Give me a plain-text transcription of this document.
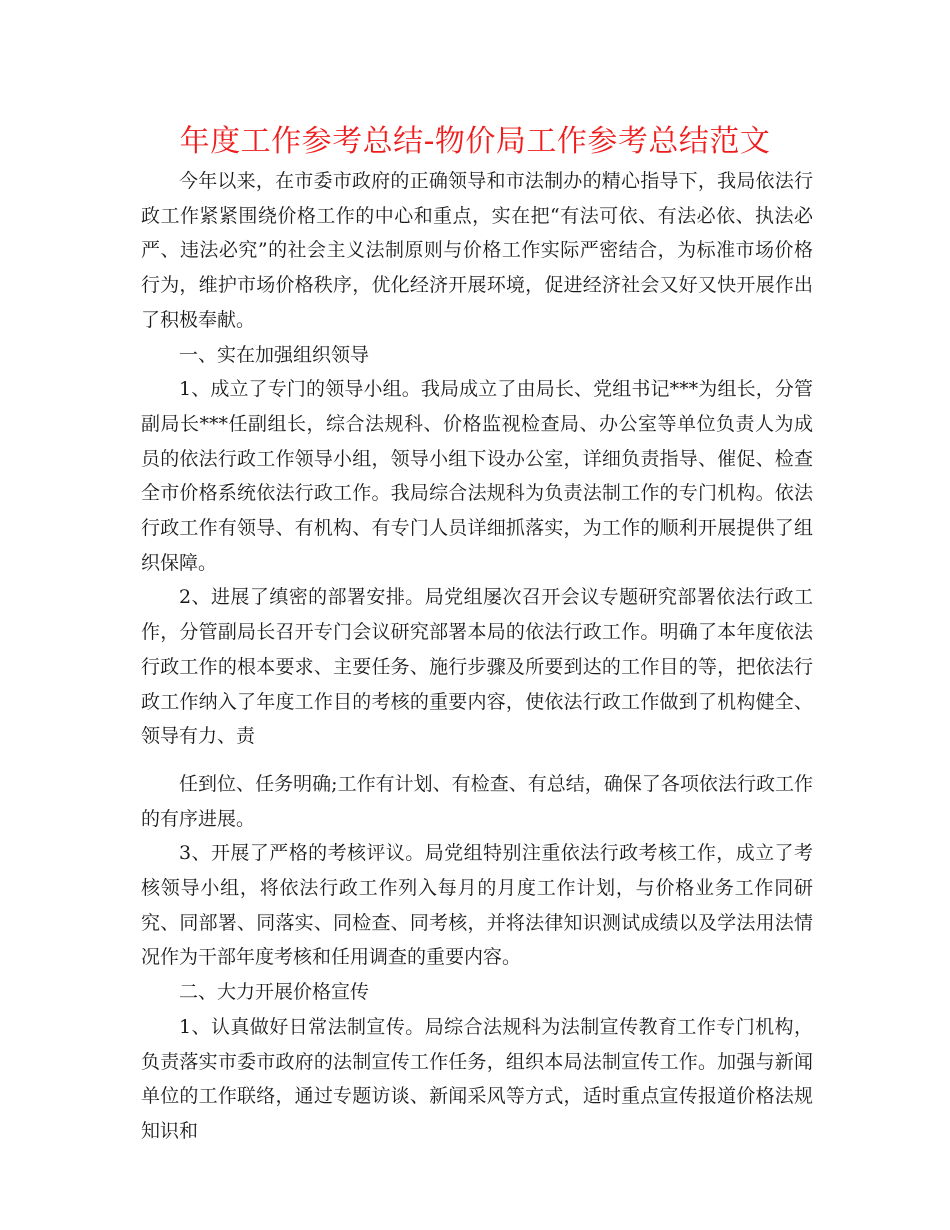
年度工作参考总结-物价局工作参考总结范文

今年以来，在市委市政府的正确领导和市法制办的精心指导下，我局依法行政工作紧紧围绕价格工作的中心和重点，实在把“有法可依、有法必依、执法必严、违法必究”的社会主义法制原则与价格工作实际严密结合，为标准市场价格行为，维护市场价格秩序，优化经济开展环境，促进经济社会又好又快开展作出了积极奉献。

一、实在加强组织领导

1、成立了专门的领导小组。我局成立了由局长、党组书记***为组长，分管副局长***任副组长，综合法规科、价格监视检查局、办公室等单位负责人为成员的依法行政工作领导小组，领导小组下设办公室，详细负责指导、催促、检查全市价格系统依法行政工作。我局综合法规科为负责法制工作的专门机构。依法行政工作有领导、有机构、有专门人员详细抓落实，为工作的顺利开展提供了组织保障。

2、进展了缜密的部署安排。局党组屡次召开会议专题研究部署依法行政工作，分管副局长召开专门会议研究部署本局的依法行政工作。明确了本年度依法行政工作的根本要求、主要任务、施行步骤及所要到达的工作目的等，把依法行政工作纳入了年度工作目的考核的重要内容，使依法行政工作做到了机构健全、领导有力、责

任到位、任务明确;工作有计划、有检查、有总结，确保了各项依法行政工作的有序进展。

3、开展了严格的考核评议。局党组特别注重依法行政考核工作，成立了考核领导小组，将依法行政工作列入每月的月度工作计划，与价格业务工作同研究、同部署、同落实、同检查、同考核，并将法律知识测试成绩以及学法用法情况作为干部年度考核和任用调查的重要内容。

二、大力开展价格宣传

1、认真做好日常法制宣传。局综合法规科为法制宣传教育工作专门机构，负责落实市委市政府的法制宣传工作任务，组织本局法制宣传工作。加强与新闻单位的工作联络，通过专题访谈、新闻采风等方式，适时重点宣传报道价格法规知识和
